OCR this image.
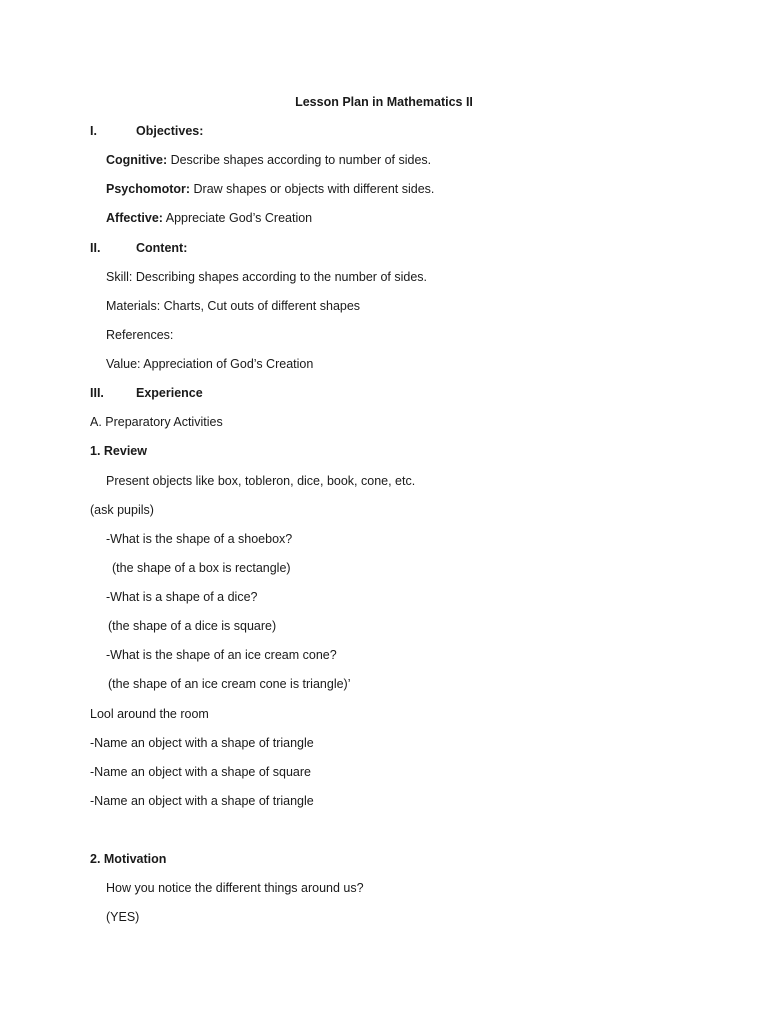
Lesson Plan in Mathematics II
I.	Objectives:
Cognitive: Describe shapes according to number of sides.
Psychomotor: Draw shapes or objects with different sides.
Affective: Appreciate God’s Creation
II.	Content:
Skill: Describing shapes according to the number of sides.
Materials: Charts, Cut outs of different shapes
References:
Value: Appreciation of God’s Creation
III.	Experience
A. Preparatory Activities
1. Review
Present objects like box, tobleron, dice, book, cone, etc.
(ask pupils)
-What is the shape of a shoebox?
(the shape of a box is rectangle)
-What is a shape of a dice?
(the shape of a dice is square)
-What is the shape of an ice cream cone?
(the shape of an ice cream cone is triangle)’
Lool around the room
-Name an object with a shape of triangle
-Name an object with a shape of square
-Name an object with a shape of triangle
2. Motivation
How you notice the different things around us?
(YES)
